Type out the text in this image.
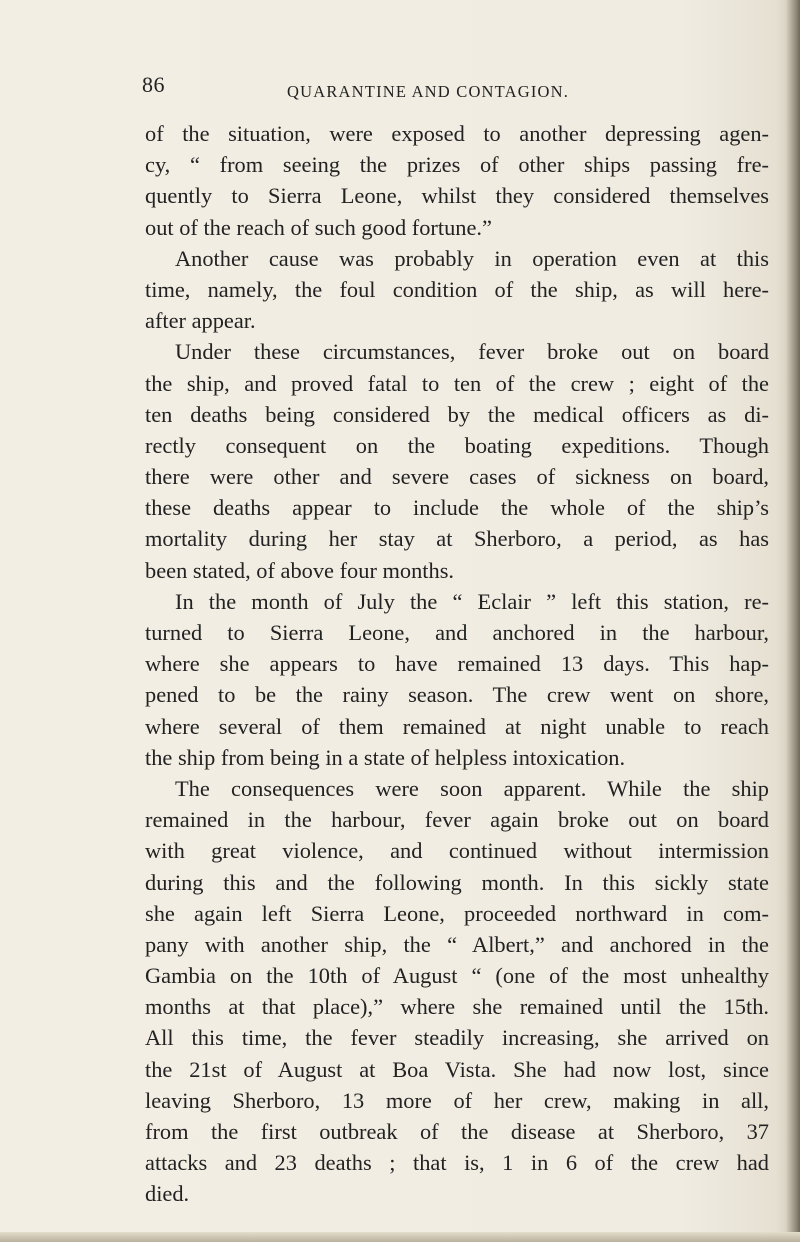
86	QUARANTINE AND CONTAGION.
of the situation, were exposed to another depressing agen-
cy, “ from seeing the prizes of other ships passing fre-
quently to Sierra Leone, whilst they considered themselves
out of the reach of such good fortune.”
Another cause was probably in operation even at this
time, namely, the foul condition of the ship, as will here-
after appear.
Under these circumstances, fever broke out on board
the ship, and proved fatal to ten of the crew ; eight of the
ten deaths being considered by the medical officers as di-
rectly consequent on the boating expeditions. Though
there were other and severe cases of sickness on board,
these deaths appear to include the whole of the ship’s
mortality during her stay at Sherboro, a period, as has
been stated, of above four months.
In the month of July the “ Eclair ” left this station, re-
turned to Sierra Leone, and anchored in the harbour,
where she appears to have remained 13 days. This hap-
pened to be the rainy season. The crew went on shore,
where several of them remained at night unable to reach
the ship from being in a state of helpless intoxication.
The consequences were soon apparent. While the ship
remained in the harbour, fever again broke out on board
with great violence, and continued without intermission
during this and the following month. In this sickly state
she again left Sierra Leone, proceeded northward in com-
pany with another ship, the “ Albert,” and anchored in the
Gambia on the 10th of August “ (one of the most unhealthy
months at that place),” where she remained until the 15th.
All this time, the fever steadily increasing, she arrived on
the 21st of August at Boa Vista. She had now lost, since
leaving Sherboro, 13 more of her crew, making in all,
from the first outbreak of the disease at Sherboro, 37
attacks and 23 deaths ; that is, 1 in 6 of the crew had
died.
